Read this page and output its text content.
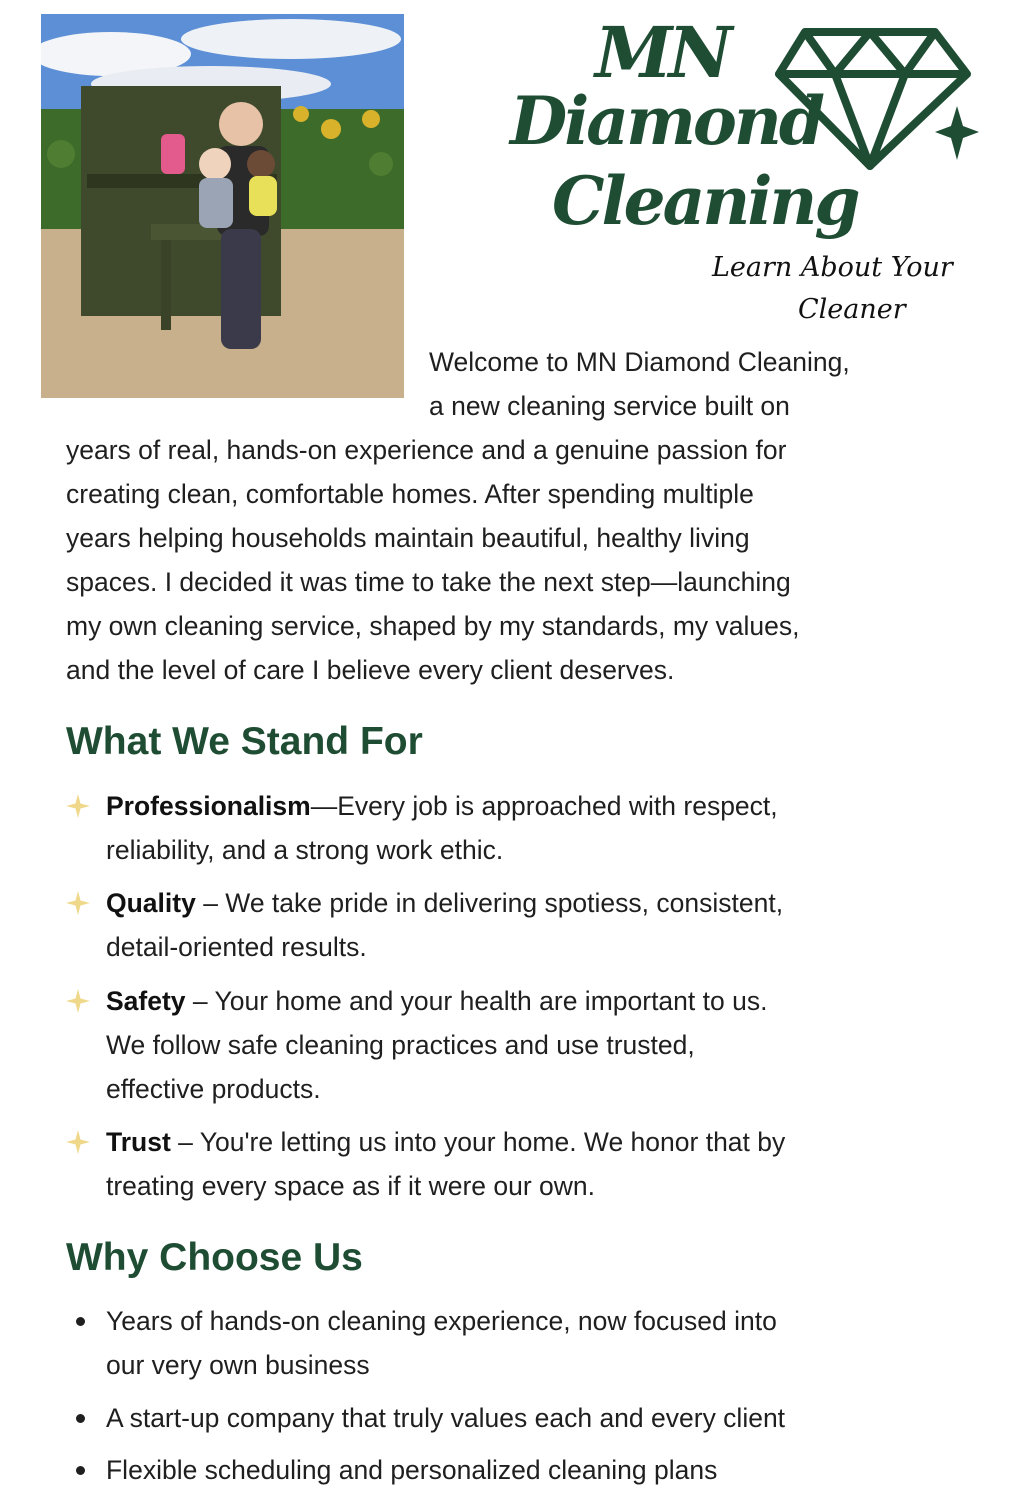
MN
Diamond
Cleaning
Learn About Your
Cleaner
Welcome to MN Diamond Cleaning,
a new cleaning service built on
years of real, hands-on experience and a genuine passion for
creating clean, comfortable homes. After spending multiple
years helping households maintain beautiful, healthy living
spaces. I decided it was time to take the next step—launching
my own cleaning service, shaped by my standards, my values,
and the level of care I believe every client deserves.
What We Stand For
Professionalism—Every job is approached with respect,
reliability, and a strong work ethic.
Quality – We take pride in delivering spotiess, consistent,
detail-oriented results.
Safety – Your home and your health are important to us.
We follow safe cleaning practices and use trusted,
effective products.
Trust – You're letting us into your home. We honor that by
treating every space as if it were our own.
Why Choose Us
Years of hands-on cleaning experience, now focused into
our very own business
A start-up company that truly values each and every client
Flexible scheduling and personalized cleaning plans
